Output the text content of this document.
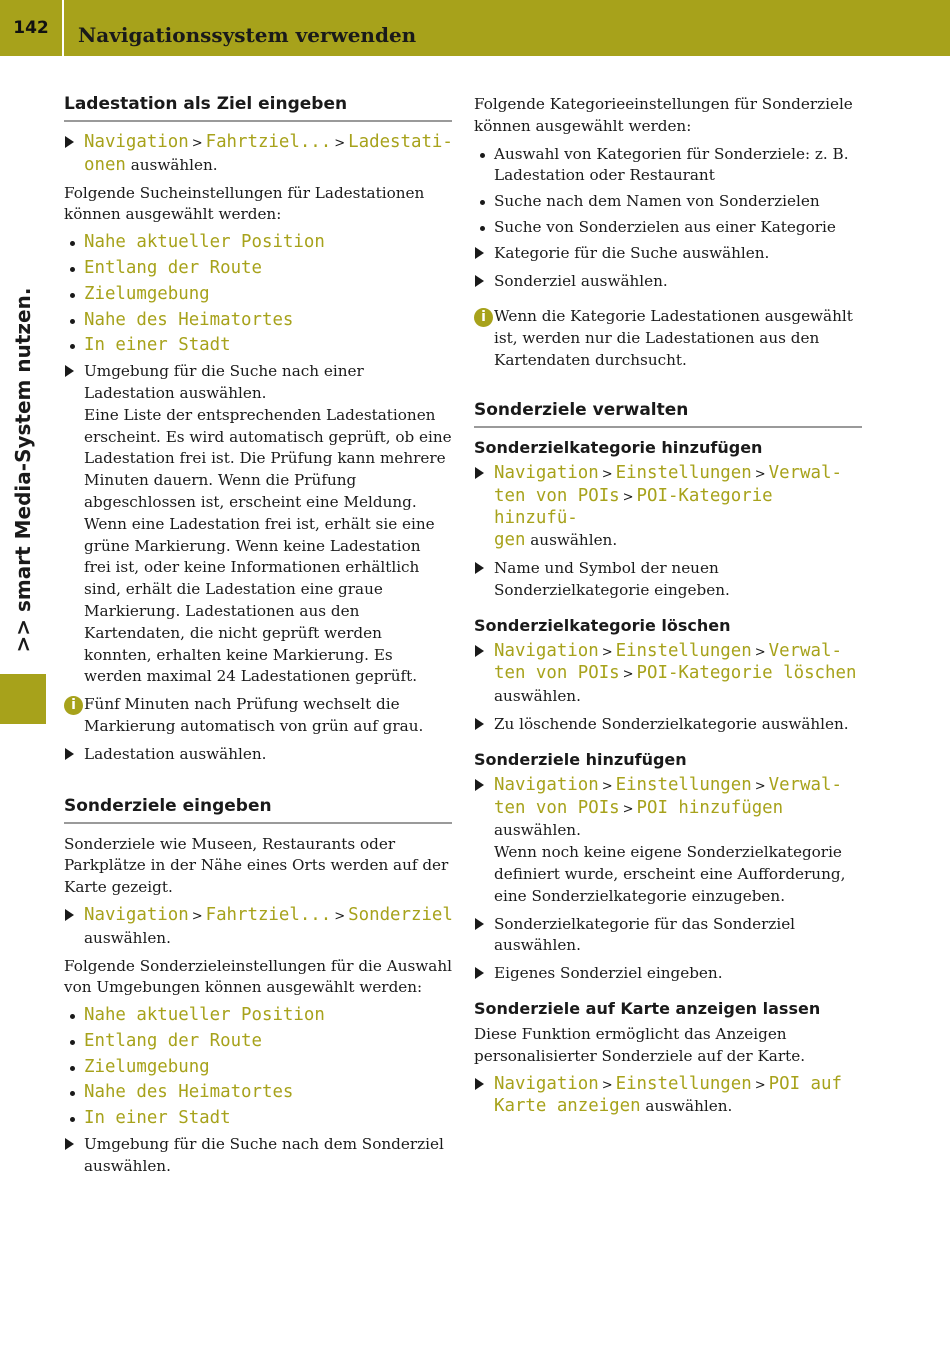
142	Navigationssystem verwenden
>> smart Media-System nutzen.
Ladestation als Ziel eingeben
Navigation > Fahrtziel... > Ladestati-
onen auswählen.

Folgende Sucheinstellungen für Ladestationen können ausgewählt werden:

Nahe aktueller Position
Entlang der Route
Zielumgebung
Nahe des Heimatortes
In einer Stadt
Umgebung für die Suche nach einer Ladestation auswählen.
Eine Liste der entsprechenden Ladestationen erscheint. Es wird automatisch geprüft, ob eine Ladestation frei ist. Die Prüfung kann mehrere Minuten dauern. Wenn die Prüfung abgeschlossen ist, erscheint eine Meldung. Wenn eine Ladestation frei ist, erhält sie eine grüne Markierung. Wenn keine Ladestation frei ist, oder keine Informationen erhältlich sind, erhält die Ladestation eine graue Markierung. Ladestationen aus den Kartendaten, die nicht geprüft werden konnten, erhalten keine Markierung. Es werden maximal 24 Ladestationen geprüft.
i Fünf Minuten nach Prüfung wechselt die Markierung automatisch von grün auf grau.
Ladestation auswählen.
Sonderziele eingeben

Sonderziele wie Museen, Restaurants oder Parkplätze in der Nähe eines Orts werden auf der Karte gezeigt.

Navigation > Fahrtziel... > Sonderziel
auswählen.

Folgende Sonderzieleinstellungen für die Auswahl von Umgebungen können ausgewählt werden:

Nahe aktueller Position
Entlang der Route
Zielumgebung
Nahe des Heimatortes
In einer Stadt
Umgebung für die Suche nach dem Sonderziel auswählen.

Folgende Kategorieeinstellungen für Sonderziele können ausgewählt werden:

Auswahl von Kategorien für Sonderziele: z. B. Ladestation oder Restaurant
Suche nach dem Namen von Sonderzielen
Suche von Sonderzielen aus einer Kategorie
Kategorie für die Suche auswählen.
Sonderziel auswählen.
i Wenn die Kategorie Ladestationen ausgewählt ist, werden nur die Ladestationen aus den Kartendaten durchsucht.
Sonderziele verwalten
Sonderzielkategorie hinzufügen
Navigation > Einstellungen > Verwal-
ten von POIs > POI-Kategorie hinzufü-
gen auswählen.
Name und Symbol der neuen Sonderzielkategorie eingeben.
Sonderzielkategorie löschen
Navigation > Einstellungen > Verwal-
ten von POIs > POI-Kategorie löschen
auswählen.
Zu löschende Sonderzielkategorie auswählen.
Sonderziele hinzufügen
Navigation > Einstellungen > Verwal-
ten von POIs > POI hinzufügen auswählen.
Wenn noch keine eigene Sonderzielkategorie definiert wurde, erscheint eine Aufforderung, eine Sonderzielkategorie einzugeben.
Sonderzielkategorie für das Sonderziel auswählen.
Eigenes Sonderziel eingeben.
Sonderziele auf Karte anzeigen lassen

Diese Funktion ermöglicht das Anzeigen personalisierter Sonderziele auf der Karte.

Navigation > Einstellungen > POI auf
Karte anzeigen auswählen.
